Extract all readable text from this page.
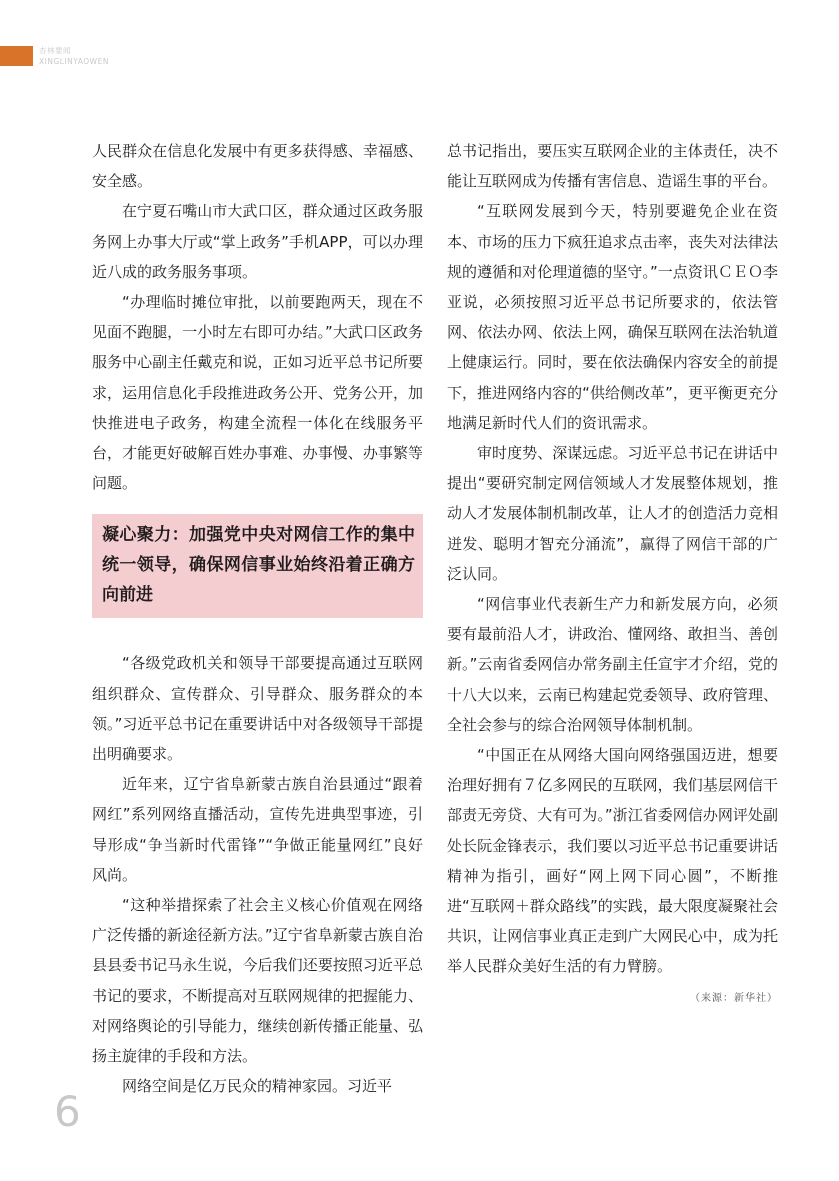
杏林要闻
XINGLINYAOWEN

人民群众在信息化发展中有更多获得感、幸福感、安全感。

在宁夏石嘴山市大武口区，群众通过区政务服务网上办事大厅或“掌上政务”手机APP，可以办理近八成的政务服务事项。

“办理临时摊位审批，以前要跑两天，现在不见面不跑腿，一小时左右即可办结。”大武口区政务服务中心副主任戴克和说，正如习近平总书记所要求，运用信息化手段推进政务公开、党务公开，加快推进电子政务，构建全流程一体化在线服务平台，才能更好破解百姓办事难、办事慢、办事繁等问题。

凝心聚力：加强党中央对网信工作的集中统一领导，确保网信事业始终沿着正确方向前进

“各级党政机关和领导干部要提高通过互联网组织群众、宣传群众、引导群众、服务群众的本领。”习近平总书记在重要讲话中对各级领导干部提出明确要求。

近年来，辽宁省阜新蒙古族自治县通过“跟着网红”系列网络直播活动，宣传先进典型事迹，引导形成“争当新时代雷锋”“争做正能量网红”良好风尚。

“这种举措探索了社会主义核心价值观在网络广泛传播的新途径新方法。”辽宁省阜新蒙古族自治县县委书记马永生说，今后我们还要按照习近平总书记的要求，不断提高对互联网规律的把握能力、对网络舆论的引导能力，继续创新传播正能量、弘扬主旋律的手段和方法。

网络空间是亿万民众的精神家园。习近平

总书记指出，要压实互联网企业的主体责任，决不能让互联网成为传播有害信息、造谣生事的平台。

“互联网发展到今天，特别要避免企业在资本、市场的压力下疯狂追求点击率，丧失对法律法规的遵循和对伦理道德的坚守。”一点资讯ＣＥＯ李亚说，必须按照习近平总书记所要求的，依法管网、依法办网、依法上网，确保互联网在法治轨道上健康运行。同时，要在依法确保内容安全的前提下，推进网络内容的“供给侧改革”，更平衡更充分地满足新时代人们的资讯需求。

审时度势、深谋远虑。习近平总书记在讲话中提出“要研究制定网信领域人才发展整体规划，推动人才发展体制机制改革，让人才的创造活力竞相迸发、聪明才智充分涌流”，赢得了网信干部的广泛认同。

“网信事业代表新生产力和新发展方向，必须要有最前沿人才，讲政治、懂网络、敢担当、善创新。”云南省委网信办常务副主任宣宇才介绍，党的十八大以来，云南已构建起党委领导、政府管理、全社会参与的综合治网领导体制机制。

“中国正在从网络大国向网络强国迈进，想要治理好拥有７亿多网民的互联网，我们基层网信干部责无旁贷、大有可为。”浙江省委网信办网评处副处长阮金锋表示，我们要以习近平总书记重要讲话精神为指引，画好“网上网下同心圆”，不断推进“互联网＋群众路线”的实践，最大限度凝聚社会共识，让网信事业真正走到广大网民心中，成为托举人民群众美好生活的有力臂膀。

（来源：新华社）
6
